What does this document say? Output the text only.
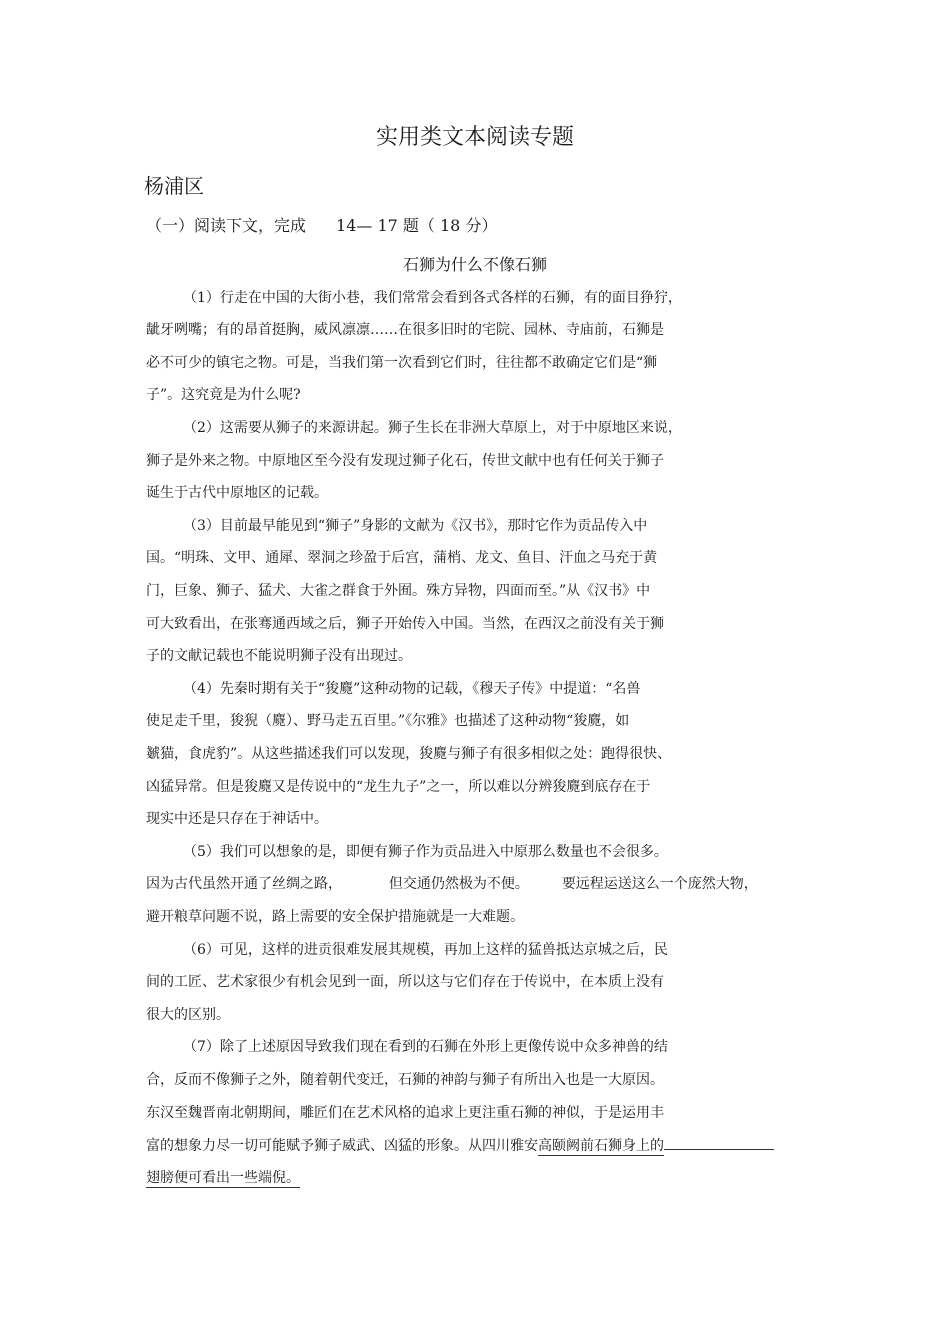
实用类文本阅读专题
杨浦区
（一）阅读下文，完成 14— 17 题（ 18 分）
石狮为什么不像石狮
（1）行走在中国的大街小巷，我们常常会看到各式各样的石狮，有的面目狰狞，
龇牙咧嘴；有的昂首挺胸，威风凛凛……在很多旧时的宅院、园林、寺庙前，石狮是
必不可少的镇宅之物。可是，当我们第一次看到它们时，往往都不敢确定它们是“狮
子”。这究竟是为什么呢?
（2）这需要从狮子的来源讲起。狮子生长在非洲大草原上，对于中原地区来说，
狮子是外来之物。中原地区至今没有发现过狮子化石，传世文献中也有任何关于狮子
诞生于古代中原地区的记载。
（3）目前最早能见到“狮子”身影的文献为《汉书》，那时它作为贡品传入中
国。“明珠、文甲、通犀、翠洞之珍盈于后宫，蒲梢、龙文、鱼目、汗血之马充于黄
门，巨象、狮子、猛犬、大雀之群食于外囿。殊方异物，四面而至。”从《汉书》中
可大致看出，在张骞通西域之后，狮子开始传入中国。当然，在西汉之前没有关于狮
子的文献记载也不能说明狮子没有出现过。
（4）先秦时期有关于“狻麑”这种动物的记载，《穆天子传》中提道：“名兽
使足走千里，狻猊（麑）、野马走五百里。”《尔雅》也描述了这种动物“狻麑，如
虦猫，食虎豹”。从这些描述我们可以发现，狻麑与狮子有很多相似之处：跑得很快、
凶猛异常。但是狻麑又是传说中的“龙生九子”之一，所以难以分辨狻麑到底存在于
现实中还是只存在于神话中。
（5）我们可以想象的是，即便有狮子作为贡品进入中原那么数量也不会很多。
因为古代虽然开通了丝绸之路，	但交通仍然极为不便。 要远程运送这么一个庞然大物，
避开粮草问题不说，路上需要的安全保护措施就是一大难题。
（6）可见，这样的进贡很难发展其规模，再加上这样的猛兽抵达京城之后，民
间的工匠、艺术家很少有机会见到一面，所以这与它们存在于传说中，在本质上没有
很大的区别。
（7）除了上述原因导致我们现在看到的石狮在外形上更像传说中众多神兽的结
合，反而不像狮子之外，随着朝代变迁，石狮的神韵与狮子有所出入也是一大原因。
东汉至魏晋南北朝期间，雕匠们在艺术风格的追求上更注重石狮的神似，于是运用丰
富的想象力尽一切可能赋予狮子威武、凶猛的形象。从四川雅安高颐阙前石狮身上的
翅膀便可看出一些端倪。
